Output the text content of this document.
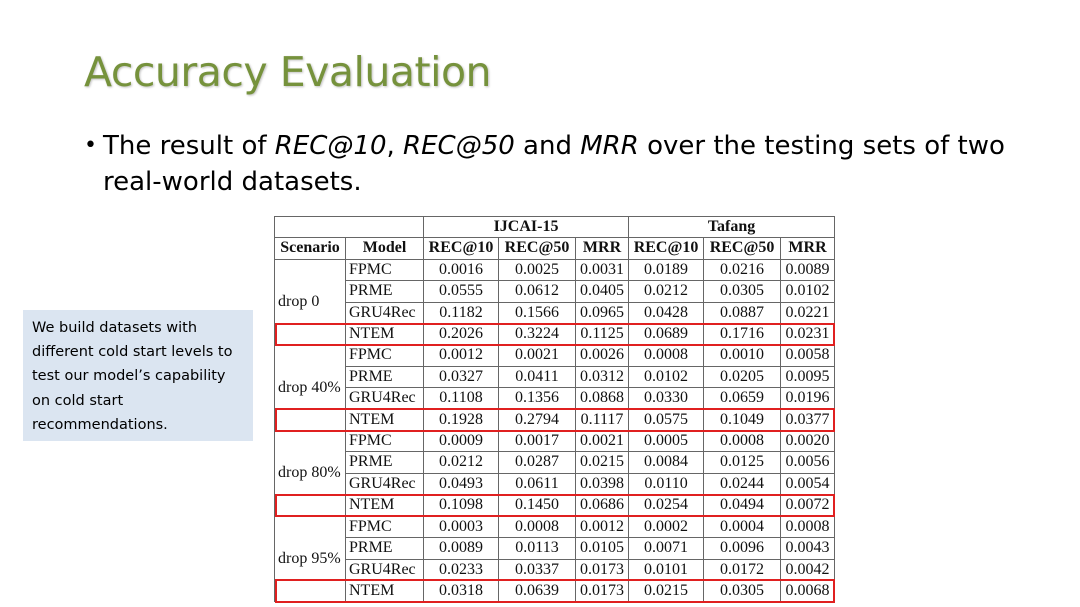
Accuracy Evaluation
• The result of REC@10, REC@50 and MRR over the testing sets of two real-world datasets.
We build datasets with different cold start levels to test our model’s capability on cold start recommendations.
		IJCAI-15			Tafang		
Scenario	Model	REC@10	REC@50	MRR	REC@10	REC@50	MRR
drop 0	FPMC	0.0016	0.0025	0.0031	0.0189	0.0216	0.0089
	PRME	0.0555	0.0612	0.0405	0.0212	0.0305	0.0102
	GRU4Rec	0.1182	0.1566	0.0965	0.0428	0.0887	0.0221
	NTEM	0.2026	0.3224	0.1125	0.0689	0.1716	0.0231
drop 40%	FPMC	0.0012	0.0021	0.0026	0.0008	0.0010	0.0058
	PRME	0.0327	0.0411	0.0312	0.0102	0.0205	0.0095
	GRU4Rec	0.1108	0.1356	0.0868	0.0330	0.0659	0.0196
	NTEM	0.1928	0.2794	0.1117	0.0575	0.1049	0.0377
drop 80%	FPMC	0.0009	0.0017	0.0021	0.0005	0.0008	0.0020
	PRME	0.0212	0.0287	0.0215	0.0084	0.0125	0.0056
	GRU4Rec	0.0493	0.0611	0.0398	0.0110	0.0244	0.0054
	NTEM	0.1098	0.1450	0.0686	0.0254	0.0494	0.0072
drop 95%	FPMC	0.0003	0.0008	0.0012	0.0002	0.0004	0.0008
	PRME	0.0089	0.0113	0.0105	0.0071	0.0096	0.0043
	GRU4Rec	0.0233	0.0337	0.0173	0.0101	0.0172	0.0042
	NTEM	0.0318	0.0639	0.0173	0.0215	0.0305	0.0068
